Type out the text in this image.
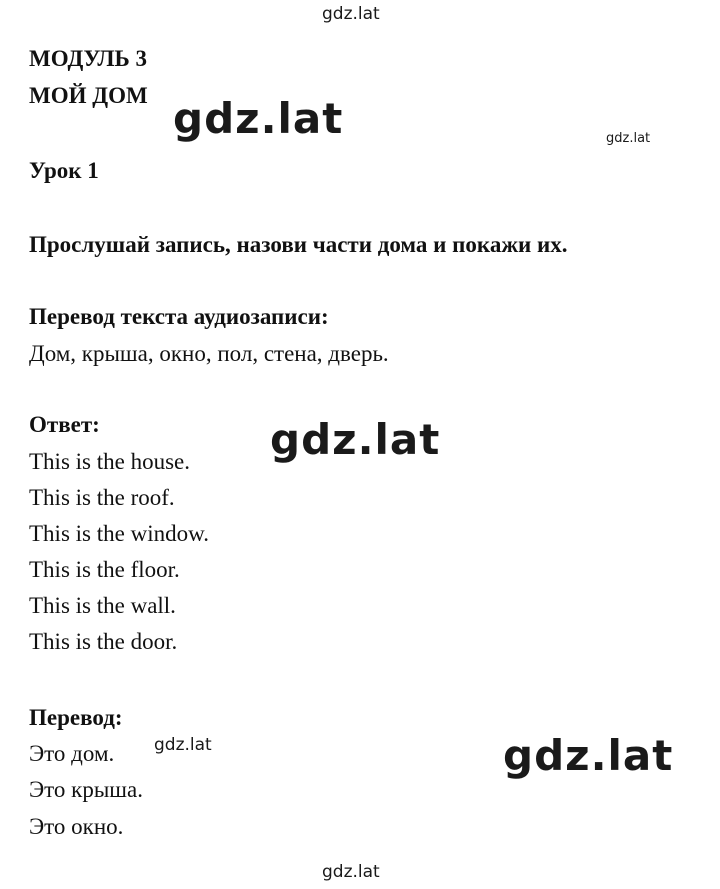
gdz.lat
gdz.lat	gdz.lat
gdz.lat
gdz.lat	gdz.lat
gdz.lat
МОДУЛЬ 3
МОЙ ДОМ
Урок 1
Прослушай запись, назови части дома и покажи их.
Перевод текста аудиозаписи:
Дом, крыша, окно, пол, стена, дверь.
Ответ:
This is the house.
This is the roof.
This is the window.
This is the floor.
This is the wall.
This is the door.
Перевод:
Это дом.
Это крыша.
Это окно.
